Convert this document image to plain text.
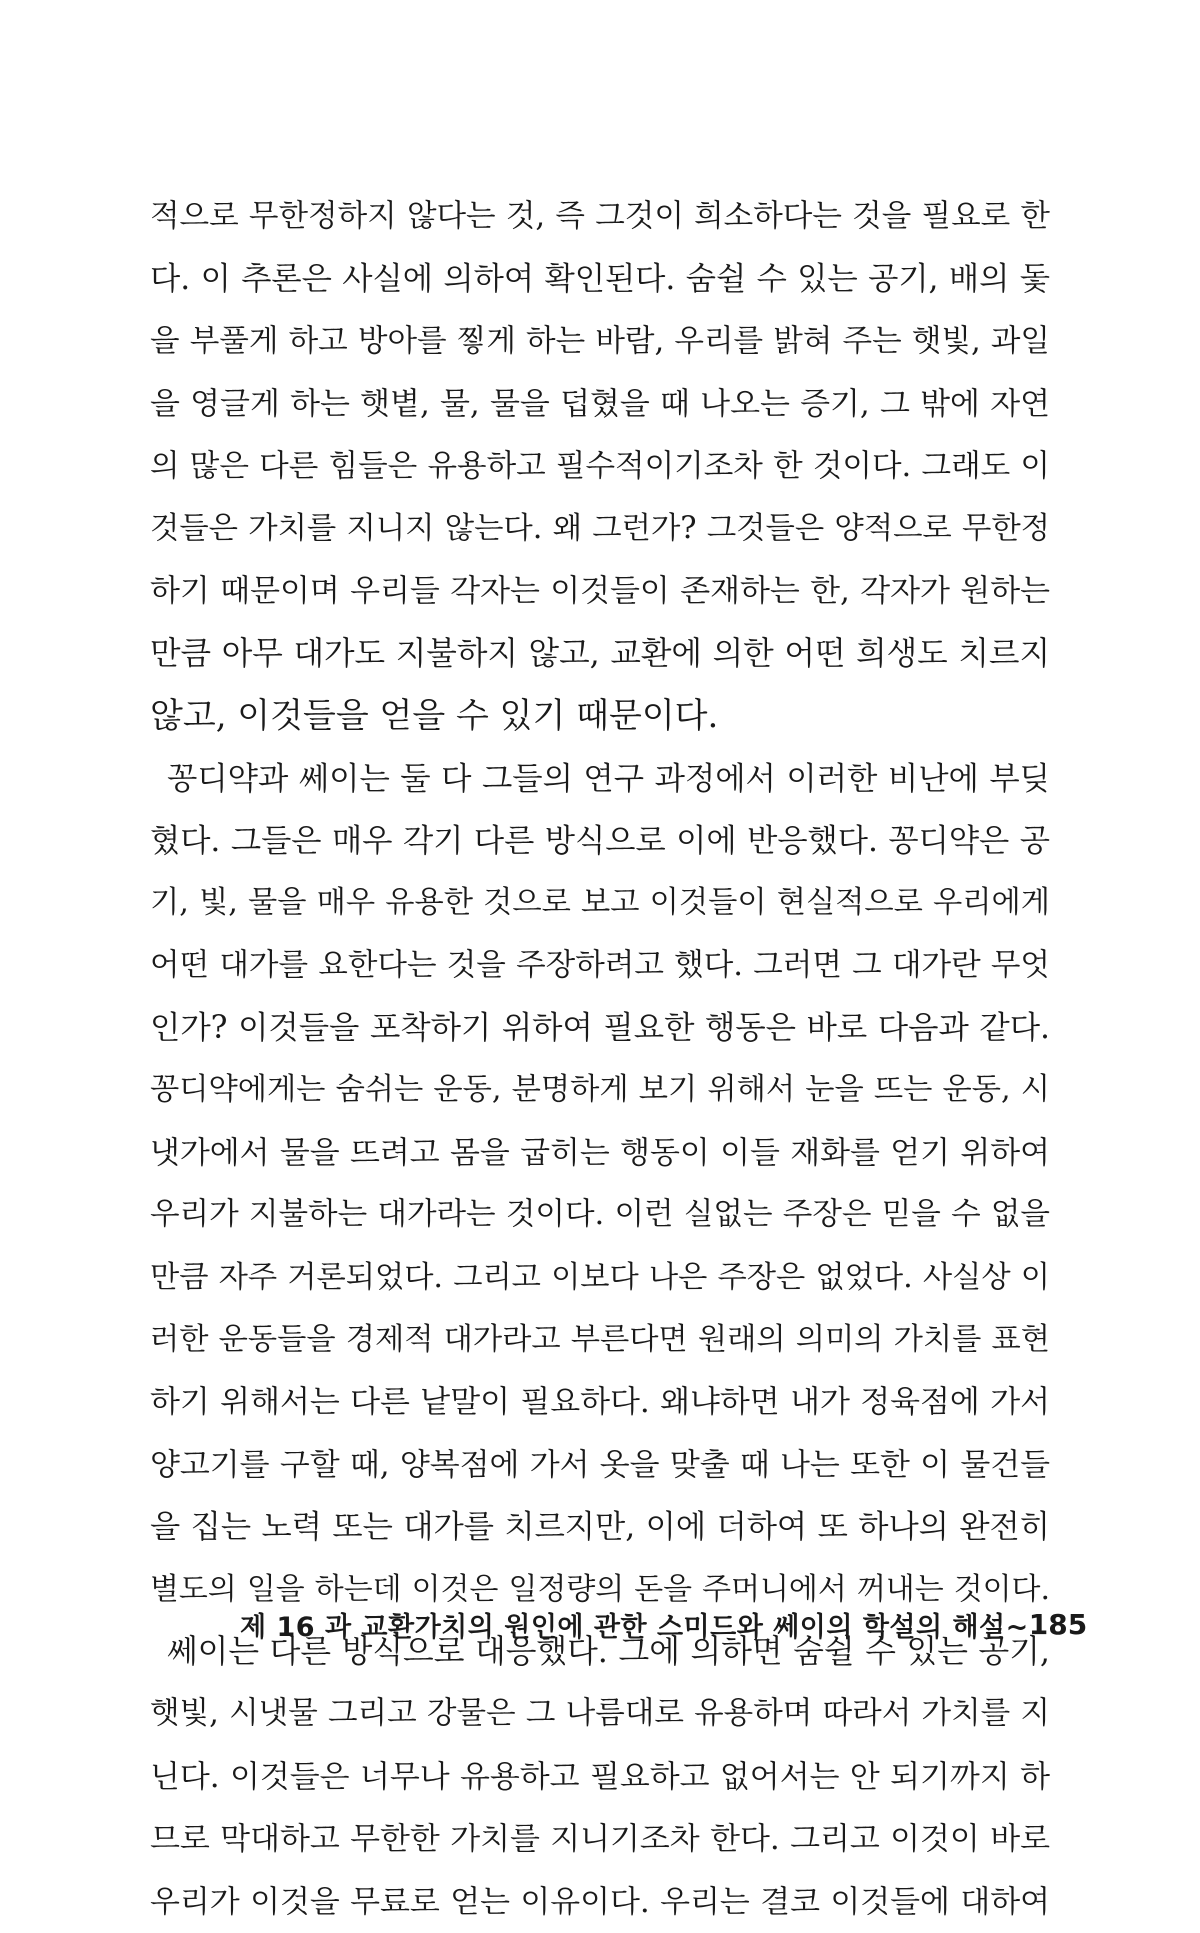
적으로 무한정하지 않다는 것, 즉 그것이 희소하다는 것을 필요로 한
다. 이 추론은 사실에 의하여 확인된다. 숨쉴 수 있는 공기, 배의 돛
을 부풀게 하고 방아를 찧게 하는 바람, 우리를 밝혀 주는 햇빛, 과일
을 영글게 하는 햇볕, 물, 물을 덥혔을 때 나오는 증기, 그 밖에 자연
의 많은 다른 힘들은 유용하고 필수적이기조차 한 것이다. 그래도 이
것들은 가치를 지니지 않는다. 왜 그런가? 그것들은 양적으로 무한정
하기 때문이며 우리들 각자는 이것들이 존재하는 한, 각자가 원하는
만큼 아무 대가도 지불하지 않고, 교환에 의한 어떤 희생도 치르지
않고, 이것들을 얻을 수 있기 때문이다.
꽁디약과 쎄이는 둘 다 그들의 연구 과정에서 이러한 비난에 부딪
혔다. 그들은 매우 각기 다른 방식으로 이에 반응했다. 꽁디약은 공
기, 빛, 물을 매우 유용한 것으로 보고 이것들이 현실적으로 우리에게
어떤 대가를 요한다는 것을 주장하려고 했다. 그러면 그 대가란 무엇
인가? 이것들을 포착하기 위하여 필요한 행동은 바로 다음과 같다.
꽁디약에게는 숨쉬는 운동, 분명하게 보기 위해서 눈을 뜨는 운동, 시
냇가에서 물을 뜨려고 몸을 굽히는 행동이 이들 재화를 얻기 위하여
우리가 지불하는 대가라는 것이다. 이런 실없는 주장은 믿을 수 없을
만큼 자주 거론되었다. 그리고 이보다 나은 주장은 없었다. 사실상 이
러한 운동들을 경제적 대가라고 부른다면 원래의 의미의 가치를 표현
하기 위해서는 다른 낱말이 필요하다. 왜냐하면 내가 정육점에 가서
양고기를 구할 때, 양복점에 가서 옷을 맞출 때 나는 또한 이 물건들
을 집는 노력 또는 대가를 치르지만, 이에 더하여 또 하나의 완전히
별도의 일을 하는데 이것은 일정량의 돈을 주머니에서 꺼내는 것이다.
쎄이는 다른 방식으로 대응했다. 그에 의하면 숨쉴 수 있는 공기,
햇빛, 시냇물 그리고 강물은 그 나름대로 유용하며 따라서 가치를 지
닌다. 이것들은 너무나 유용하고 필요하고 없어서는 안 되기까지 하
므로 막대하고 무한한 가치를 지니기조차 한다. 그리고 이것이 바로
우리가 이것을 무료로 얻는 이유이다. 우리는 결코 이것들에 대하여
제 16 과 교환가치의 원인에 관한 스미드와 쎄이의 학설의 해설~ 185
